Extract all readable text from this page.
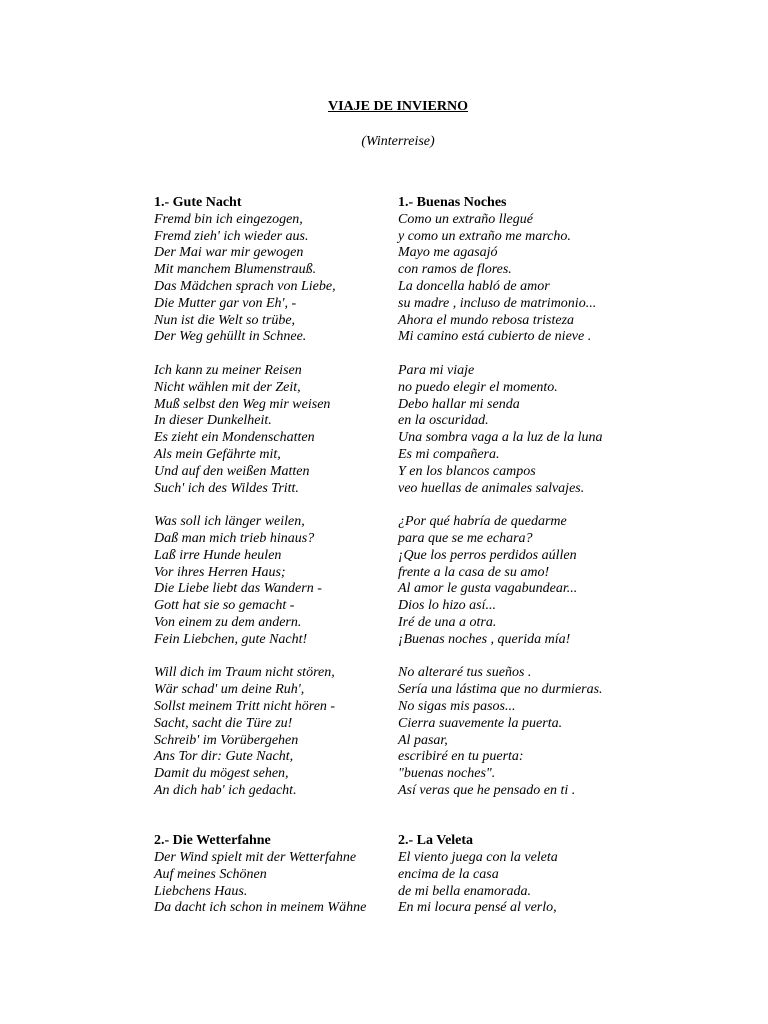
VIAJE DE INVIERNO
(Winterreise)
1.- Gute Nacht
Fremd bin ich eingezogen,
Fremd zieh' ich wieder aus.
Der Mai war mir gewogen
Mit manchem Blumenstrauß.
Das Mädchen sprach von Liebe,
Die Mutter gar von Eh', -
Nun ist die Welt so trübe,
Der Weg gehüllt in Schnee.
Ich kann zu meiner Reisen
Nicht wählen mit der Zeit,
Muß selbst den Weg mir weisen
In dieser Dunkelheit.
Es zieht ein Mondenschatten
Als mein Gefährte mit,
Und auf den weißen Matten
Such' ich des Wildes Tritt.
Was soll ich länger weilen,
Daß man mich trieb hinaus?
Laß irre Hunde heulen
Vor ihres Herren Haus;
Die Liebe liebt das Wandern -
Gott hat sie so gemacht -
Von einem zu dem andern.
Fein Liebchen, gute Nacht!
Will dich im Traum nicht stören,
Wär schad' um deine Ruh',
Sollst meinem Tritt nicht hören -
Sacht, sacht die Türe zu!
Schreib' im Vorübergehen
Ans Tor dir: Gute Nacht,
Damit du mögest sehen,
An dich hab' ich gedacht.
2.- Die Wetterfahne
Der Wind spielt mit der Wetterfahne
Auf meines Schönen
Liebchens Haus.
Da dacht ich schon in meinem Wähne
1.- Buenas Noches
Como un extraño llegué
y como un extraño me marcho.
Mayo me agasajó
con ramos de flores.
La doncella habló de amor
su madre , incluso de matrimonio...
Ahora el mundo rebosa tristeza
Mi camino está cubierto de nieve .
Para mi viaje
no puedo elegir el momento.
Debo hallar mi senda
en la oscuridad.
Una sombra vaga a la luz de la luna
Es mi compañera.
Y en los blancos campos
veo huellas de animales salvajes.
¿Por qué habría de quedarme
para que se me echara?
¡Que los perros perdidos aúllen
frente a la casa de su amo!
Al amor le gusta vagabundear...
Dios lo hizo así...
Iré de una a otra.
¡Buenas noches , querida mía!
No alteraré tus sueños .
Sería una lástima que no durmieras.
No sigas mis pasos...
Cierra suavemente la puerta.
Al pasar,
escribiré en tu puerta:
"buenas noches".
Así veras que he pensado en ti .
2.- La Veleta
El viento juega con la veleta
encima de la casa
de mi bella enamorada.
En mi locura pensé al verlo,
